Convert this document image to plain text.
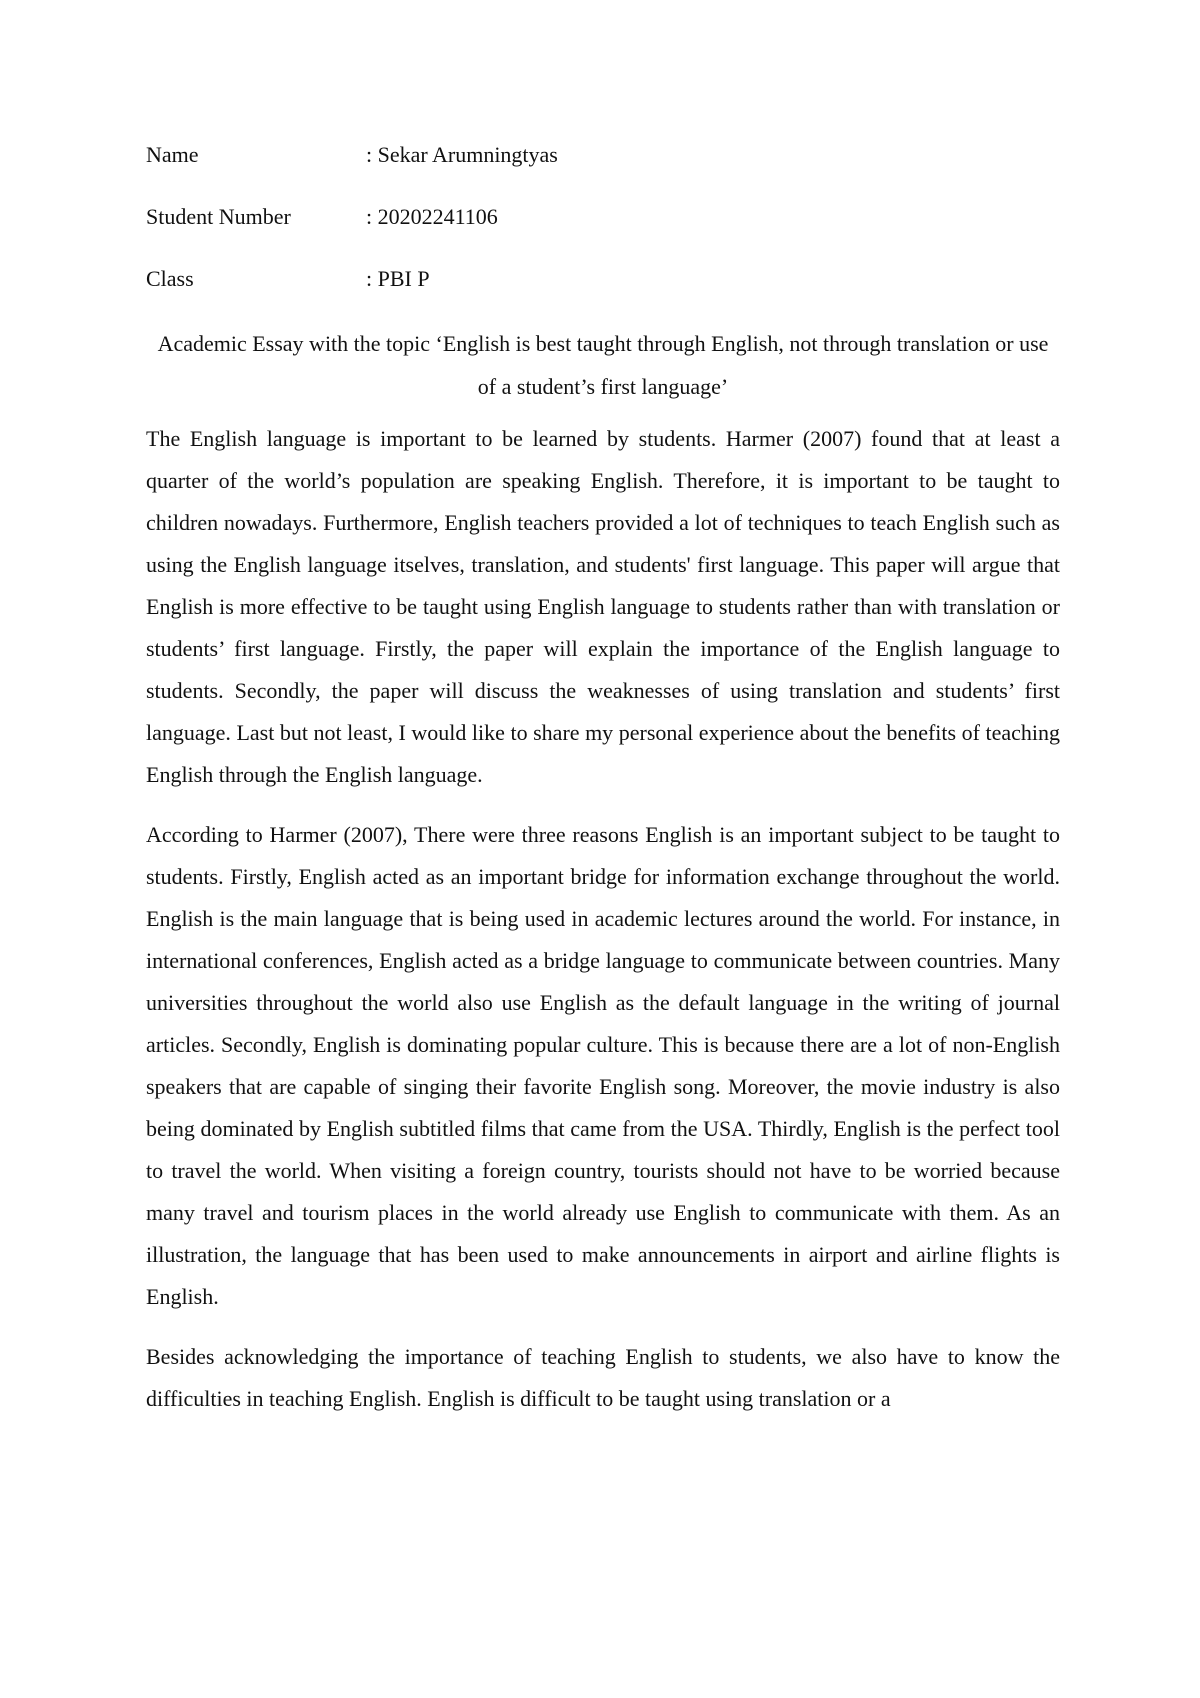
Name	: Sekar Arumningtyas
Student Number	: 20202241106
Class	: PBI P
Academic Essay with the topic ‘English is best taught through English, not through translation or use of a student’s first language’

The English language is important to be learned by students. Harmer (2007) found that at least a quarter of the world’s population are speaking English. Therefore, it is important to be taught to children nowadays. Furthermore, English teachers provided a lot of techniques to teach English such as using the English language itselves, translation, and students' first language. This paper will argue that English is more effective to be taught using English language to students rather than with translation or students’ first language. Firstly, the paper will explain the importance of the English language to students. Secondly, the paper will discuss the weaknesses of using translation and students’ first language. Last but not least, I would like to share my personal experience about the benefits of teaching English through the English language.

According to Harmer (2007), There were three reasons English is an important subject to be taught to students. Firstly, English acted as an important bridge for information exchange throughout the world. English is the main language that is being used in academic lectures around the world. For instance, in international conferences, English acted as a bridge language to communicate between countries. Many universities throughout the world also use English as the default language in the writing of journal articles. Secondly, English is dominating popular culture. This is because there are a lot of non-English speakers that are capable of singing their favorite English song. Moreover, the movie industry is also being dominated by English subtitled films that came from the USA. Thirdly, English is the perfect tool to travel the world. When visiting a foreign country, tourists should not have to be worried because many travel and tourism places in the world already use English to communicate with them. As an illustration, the language that has been used to make announcements in airport and airline flights is English.

Besides acknowledging the importance of teaching English to students, we also have to know the difficulties in teaching English. English is difficult to be taught using translation or a
